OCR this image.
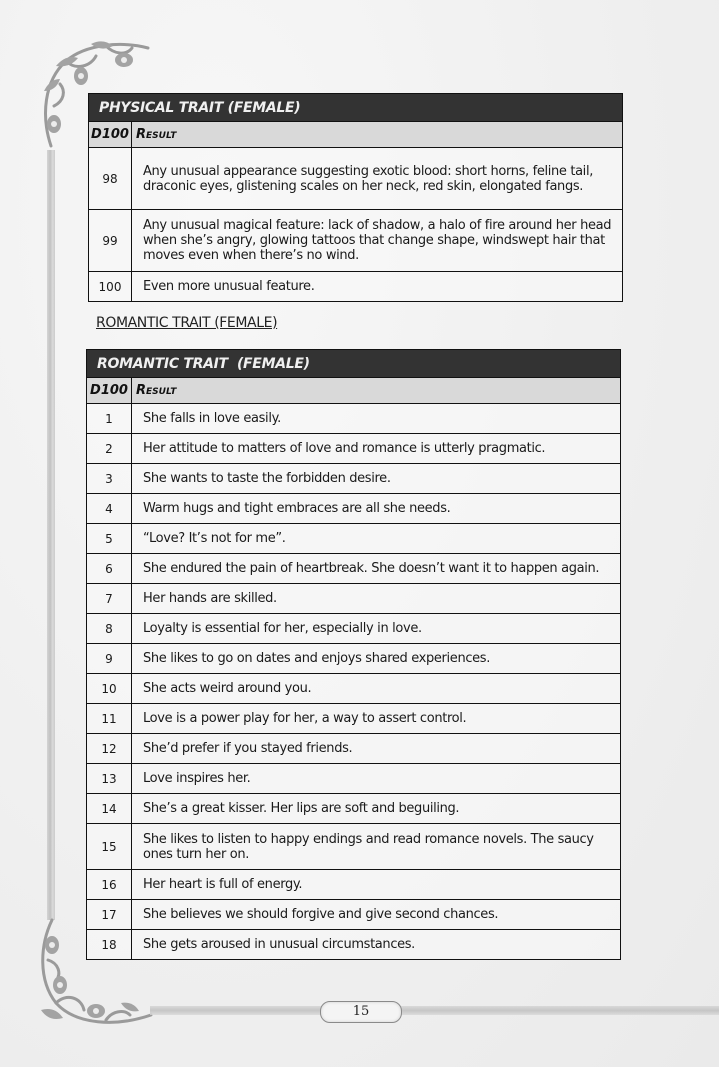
PHYSICAL TRAIT (FEMALE)	
D100	Result
98	Any unusual appearance suggesting exotic blood: short horns, feline tail, draconic eyes, glistening scales on her neck, red skin, elongated fangs.
99	Any unusual magical feature: lack of shadow, a halo of fire around her head when she’s angry, glowing tattoos that change shape, windswept hair that moves even when there’s no wind.
100	Even more unusual feature.
ROMANTIC TRAIT (FEMALE)
ROMANTIC TRAIT  (FEMALE)	
D100	Result
1	She falls in love easily.
2	Her attitude to matters of love and romance is utterly pragmatic.
3	She wants to taste the forbidden desire.
4	Warm hugs and tight embraces are all she needs.
5	“Love? It’s not for me”.
6	She endured the pain of heartbreak. She doesn’t want it to happen again.
7	Her hands are skilled.
8	Loyalty is essential for her, especially in love.
9	She likes to go on dates and enjoys shared experiences.
10	She acts weird around you.
11	Love is a power play for her, a way to assert control.
12	She’d prefer if you stayed friends.
13	Love inspires her.
14	She’s a great kisser. Her lips are soft and beguiling.
15	She likes to listen to happy endings and read romance novels. The saucy ones turn her on.
16	Her heart is full of energy.
17	She believes we should forgive and give second chances.
18	She gets aroused in unusual circumstances.
15
